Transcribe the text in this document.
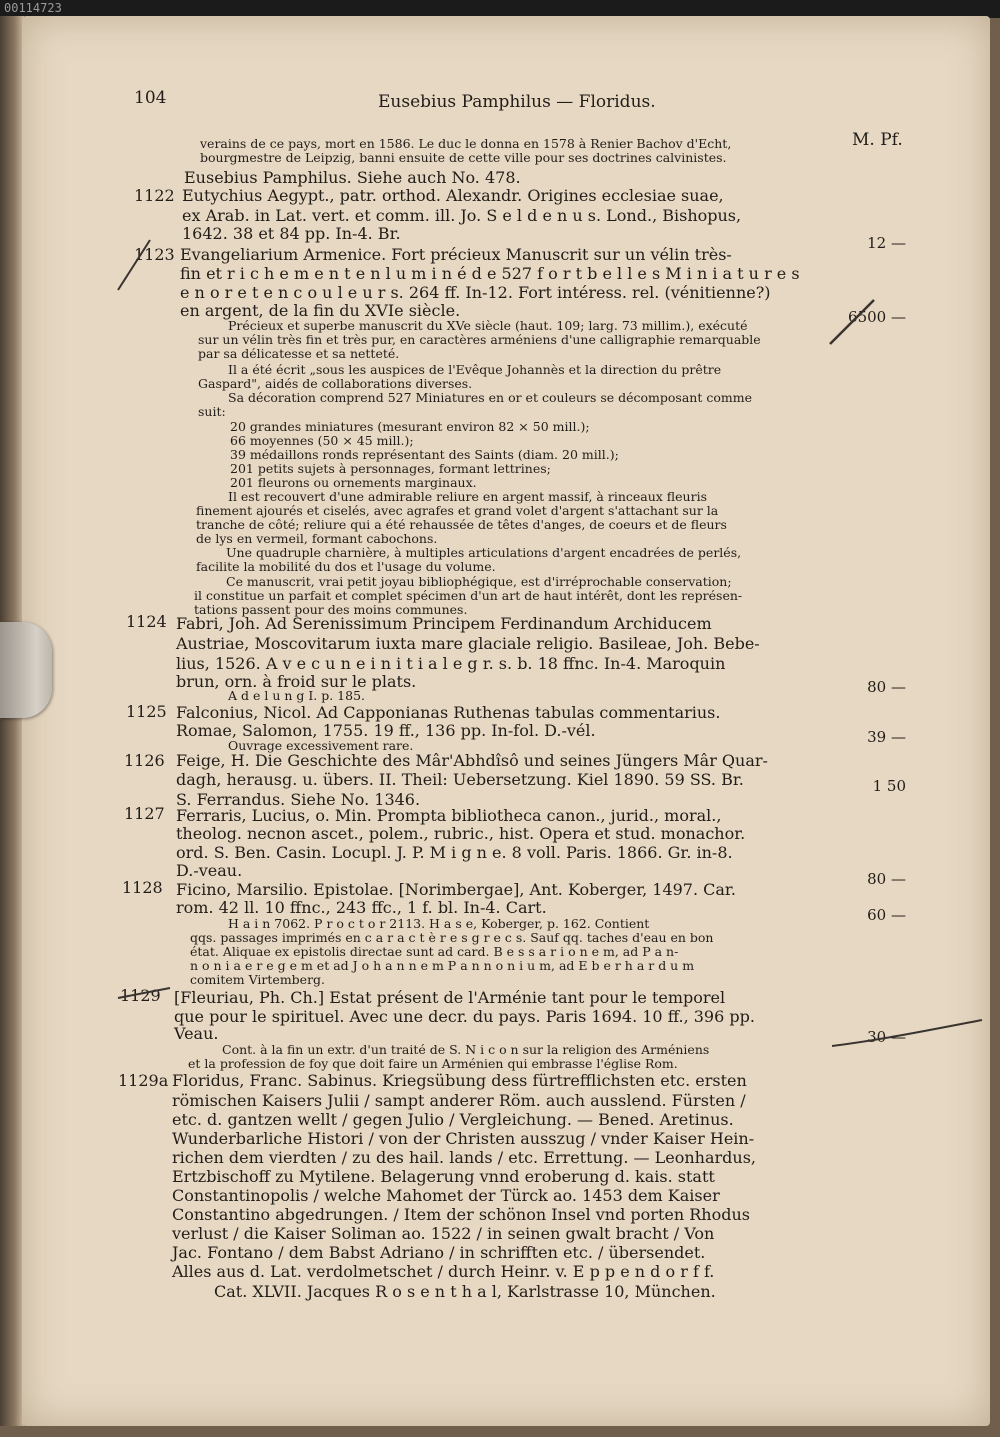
00114723
104	Eusebius Pamphilus — Floridus.
M. Pf.
verains de ce pays, mort en 1586. Le duc le donna en 1578 à Renier Bachov d'Echt,
bourgmestre de Leipzig, banni ensuite de cette ville pour ses doctrines calvinistes.
Eusebius Pamphilus. Siehe auch No. 478.
Eutychius Aegypt., patr. orthod. Alexandr. Origines ecclesiae suae,
ex Arab. in Lat. vert. et comm. ill. Jo. S e l d e n u s. Lond., Bishopus,
1642. 38 et 84 pp. In-4. Br.
Evangeliarium Armenice. Fort précieux Manuscrit sur un vélin très-
fin et r i c h e m e n t e n l u m i n é d e 527 f o r t b e l l e s M i n i a t u r e s
e n o r e t e n c o u l e u r s. 264 ff. In-12. Fort intéress. rel. (vénitienne?)
en argent, de la fin du XVIe siècle.
Précieux et superbe manuscrit du XVe siècle (haut. 109; larg. 73 millim.), exécuté
sur un vélin très fin et très pur, en caractères arméniens d'une calligraphie remarquable
par sa délicatesse et sa netteté.
Il a été écrit „sous les auspices de l'Evêque Johannès et la direction du prêtre
Gaspard", aidés de collaborations diverses.
Sa décoration comprend 527 Miniatures en or et couleurs se décomposant comme
suit:
20 grandes miniatures (mesurant environ 82 × 50 mill.);
66 moyennes (50 × 45 mill.);
39 médaillons ronds représentant des Saints (diam. 20 mill.);
201 petits sujets à personnages, formant lettrines;
201 fleurons ou ornements marginaux.
Il est recouvert d'une admirable reliure en argent massif, à rinceaux fleuris
finement ajourés et ciselés, avec agrafes et grand volet d'argent s'attachant sur la
tranche de côté; reliure qui a été rehaussée de têtes d'anges, de coeurs et de fleurs
de lys en vermeil, formant cabochons.
Une quadruple charnière, à multiples articulations d'argent encadrées de perlés,
facilite la mobilité du dos et l'usage du volume.
Ce manuscrit, vrai petit joyau bibliophégique, est d'irréprochable conservation;
il constitue un parfait et complet spécimen d'un art de haut intérêt, dont les représen-
tations passent pour des moins communes.
Fabri, Joh. Ad Serenissimum Principem Ferdinandum Archiducem
Austriae, Moscovitarum iuxta mare glaciale religio. Basileae, Joh. Bebe-
lius, 1526. A v e c u n e i n i t i a l e g r. s. b. 18 ffnc. In-4. Maroquin
brun, orn. à froid sur le plats.
A d e l u n g I. p. 185.
Falconius, Nicol. Ad Capponianas Ruthenas tabulas commentarius.
Romae, Salomon, 1755. 19 ff., 136 pp. In-fol. D.-vél.
Ouvrage excessivement rare.
Feige, H. Die Geschichte des Mâr'Abhdîsô und seines Jüngers Mâr Quar-
dagh, herausg. u. übers. II. Theil: Uebersetzung. Kiel 1890. 59 SS. Br.
S. Ferrandus. Siehe No. 1346.
Ferraris, Lucius, o. Min. Prompta bibliotheca canon., jurid., moral.,
theolog. necnon ascet., polem., rubric., hist. Opera et stud. monachor.
ord. S. Ben. Casin. Locupl. J. P. M i g n e. 8 voll. Paris. 1866. Gr. in-8.
D.-veau.
Ficino, Marsilio. Epistolae. [Norimbergae], Ant. Koberger, 1497. Car.
rom. 42 ll. 10 ffnc., 243 ffc., 1 f. bl. In-4. Cart.
H a i n 7062. P r o c t o r 2113. H a s e, Koberger, p. 162. Contient
qqs. passages imprimés en c a r a c t è r e s g r e c s. Sauf qq. taches d'eau en bon
état. Aliquae ex epistolis directae sunt ad card. B e s s a r i o n e m, ad P a n-
n o n i a e r e g e m et ad J o h a n n e m P a n n o n i u m, ad E b e r h a r d u m
comitem Virtemberg.
[Fleuriau, Ph. Ch.] Estat présent de l'Arménie tant pour le temporel
que pour le spirituel. Avec une decr. du pays. Paris 1694. 10 ff., 396 pp.
Veau.
Cont. à la fin un extr. d'un traité de S. N i c o n sur la religion des Arméniens
et la profession de foy que doit faire un Arménien qui embrasse l'église Rom.
Floridus, Franc. Sabinus. Kriegsübung dess fürtrefflichsten etc. ersten
römischen Kaisers Julii / sampt anderer Röm. auch ausslend. Fürsten /
etc. d. gantzen wellt / gegen Julio / Vergleichung. — Bened. Aretinus.
Wunderbarliche Histori / von der Christen ausszug / vnder Kaiser Hein-
richen dem vierdten / zu des hail. lands / etc. Errettung. — Leonhardus,
Ertzbischoff zu Mytilene. Belagerung vnnd eroberung d. kais. statt
Constantinopolis / welche Mahomet der Türck ao. 1453 dem Kaiser
Constantino abgedrungen. / Item der schönon Insel vnd porten Rhodus
verlust / die Kaiser Soliman ao. 1522 / in seinen gwalt bracht / Von
Jac. Fontano / dem Babst Adriano / in schrifften etc. / übersendet.
Alles aus d. Lat. verdolmetschet / durch Heinr. v. E p p e n d o r f f.
1122
1123
1124
1125
1126
1127
1128
1129
1129a
12 —
6500 —
80 —
39 —
1 50
80 —
60 —
30 —
Cat. XLVII. Jacques R o s e n t h a l, Karlstrasse 10, München.
